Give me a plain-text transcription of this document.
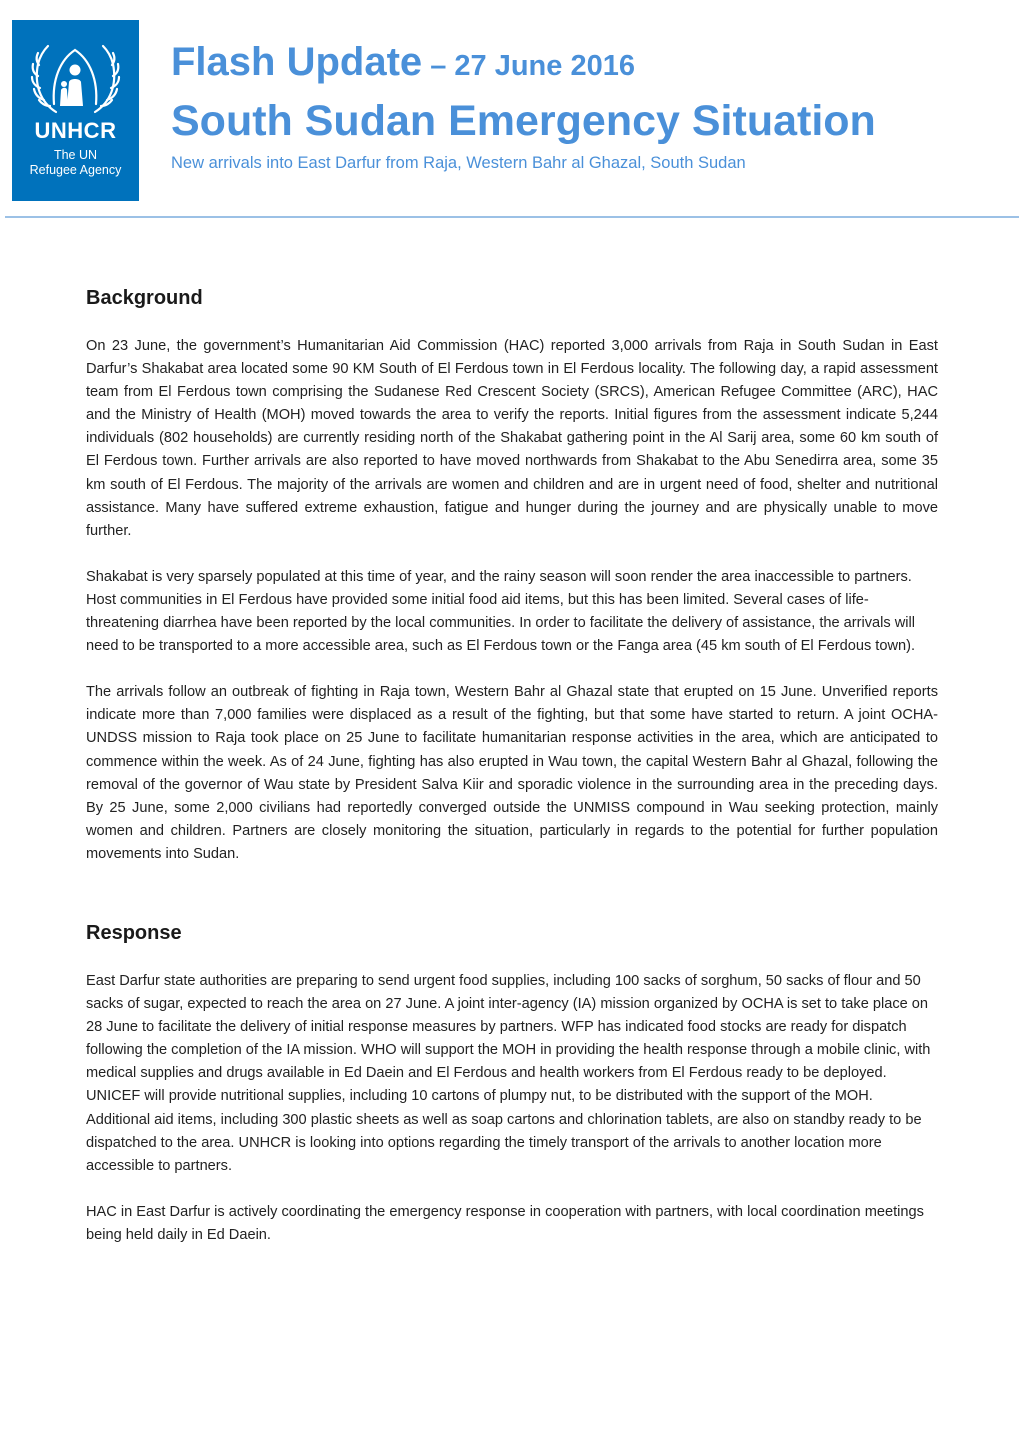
UNHCR
The UN
Refugee Agency
Flash Update – 27 June 2016
South Sudan Emergency Situation
New arrivals into East Darfur from Raja, Western Bahr al Ghazal, South Sudan
Background

On 23 June, the government’s Humanitarian Aid Commission (HAC) reported 3,000 arrivals from Raja in South Sudan in East Darfur’s Shakabat area located some 90 KM South of El Ferdous town in El Ferdous locality. The following day, a rapid assessment team from El Ferdous town comprising the Sudanese Red Crescent Society (SRCS), American Refugee Committee (ARC), HAC and the Ministry of Health (MOH) moved towards the area to verify the reports. Initial figures from the assessment indicate 5,244 individuals (802 households) are currently residing north of the Shakabat gathering point in the Al Sarij area, some 60 km south of El Ferdous town. Further arrivals are also reported to have moved northwards from Shakabat to the Abu Senedirra area, some 35 km south of El Ferdous. The majority of the arrivals are women and children and are in urgent need of food, shelter and nutritional assistance. Many have suffered extreme exhaustion, fatigue and hunger during the journey and are physically unable to move further.

Shakabat is very sparsely populated at this time of year, and the rainy season will soon render the area inaccessible to partners. Host communities in El Ferdous have provided some initial food aid items, but this has been limited. Several cases of life-threatening diarrhea have been reported by the local communities. In order to facilitate the delivery of assistance, the arrivals will need to be transported to a more accessible area, such as El Ferdous town or the Fanga area (45 km south of El Ferdous town).

The arrivals follow an outbreak of fighting in Raja town, Western Bahr al Ghazal state that erupted on 15 June. Unverified reports indicate more than 7,000 families were displaced as a result of the fighting, but that some have started to return. A joint OCHA-UNDSS mission to Raja took place on 25 June to facilitate humanitarian response activities in the area, which are anticipated to commence within the week. As of 24 June, fighting has also erupted in Wau town, the capital Western Bahr al Ghazal, following the removal of the governor of Wau state by President Salva Kiir and sporadic violence in the surrounding area in the preceding days. By 25 June, some 2,000 civilians had reportedly converged outside the UNMISS compound in Wau seeking protection, mainly women and children. Partners are closely monitoring the situation, particularly in regards to the potential for further population movements into Sudan.

Response

East Darfur state authorities are preparing to send urgent food supplies, including 100 sacks of sorghum, 50 sacks of flour and 50 sacks of sugar, expected to reach the area on 27 June. A joint inter-agency (IA) mission organized by OCHA is set to take place on 28 June to facilitate the delivery of initial response measures by partners. WFP has indicated food stocks are ready for dispatch following the completion of the IA mission. WHO will support the MOH in providing the health response through a mobile clinic, with medical supplies and drugs available in Ed Daein and El Ferdous and health workers from El Ferdous ready to be deployed. UNICEF will provide nutritional supplies, including 10 cartons of plumpy nut, to be distributed with the support of the MOH. Additional aid items, including 300 plastic sheets as well as soap cartons and chlorination tablets, are also on standby ready to be dispatched to the area. UNHCR is looking into options regarding the timely transport of the arrivals to another location more accessible to partners.

HAC in East Darfur is actively coordinating the emergency response in cooperation with partners, with local coordination meetings being held daily in Ed Daein.
